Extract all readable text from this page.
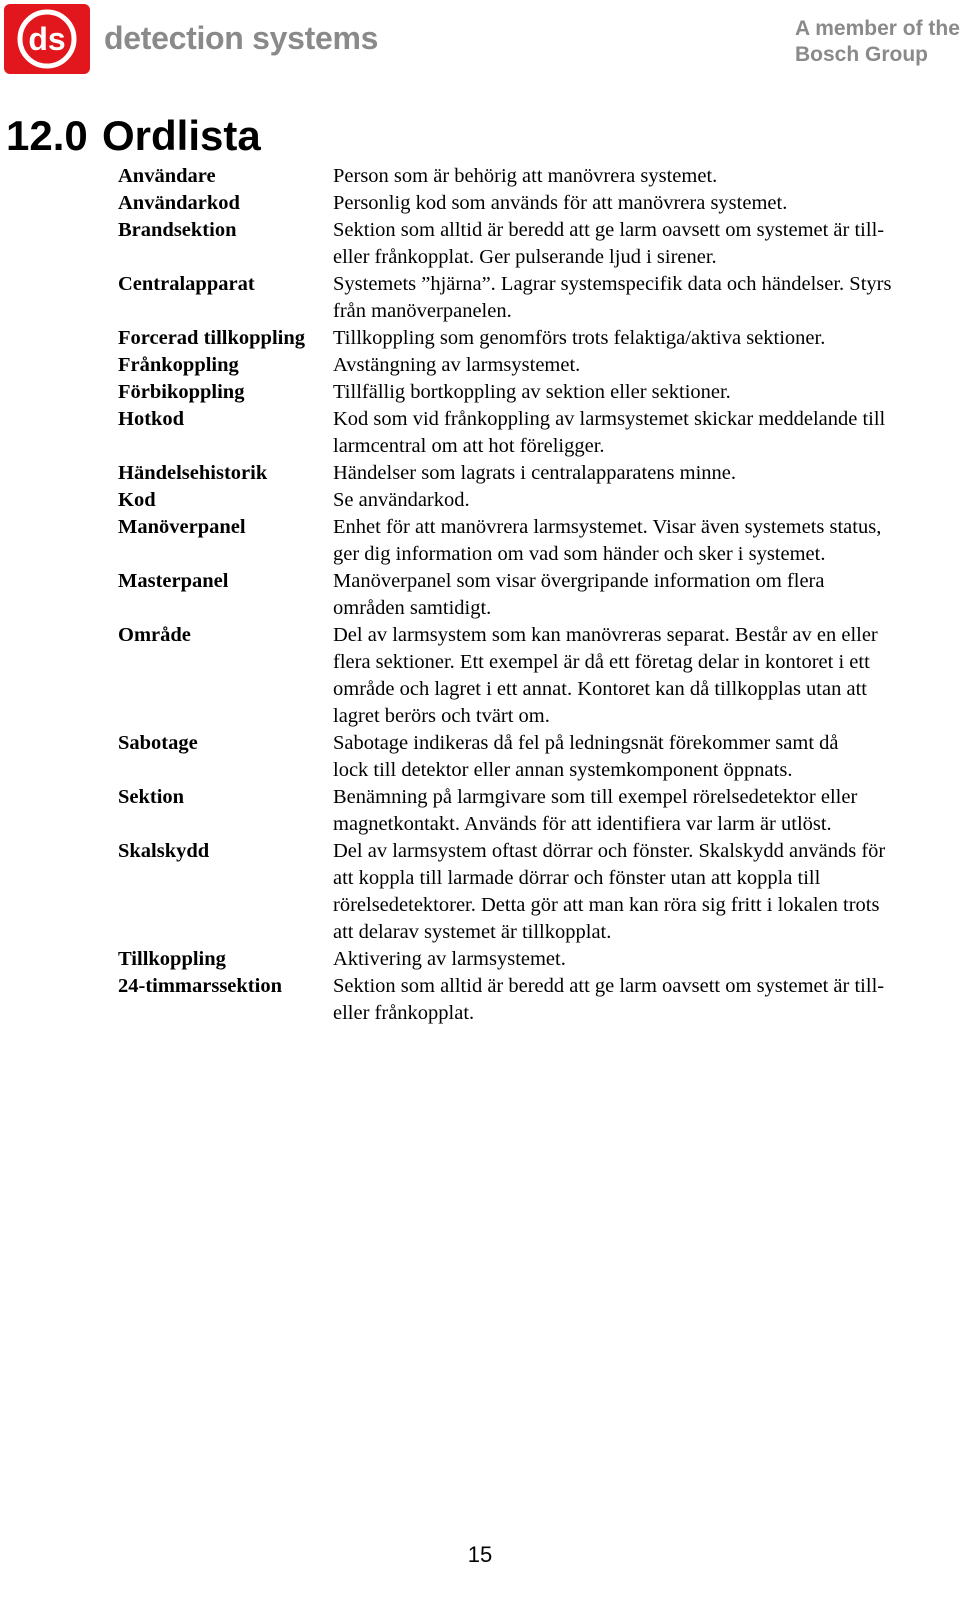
ds detection systems	A member of the
Bosch Group
12.0 Ordlista
Användare	Person som är behörig att manövrera systemet.
Användarkod	Personlig kod som används för att manövrera systemet.
Brandsektion	Sektion som alltid är beredd att ge larm oavsett om systemet är till-
eller frånkopplat. Ger pulserande ljud i sirener.
Centralapparat	Systemets ”hjärna”. Lagrar systemspecifik data och händelser. Styrs
från manöverpanelen.
Forcerad tillkoppling	Tillkoppling som genomförs trots felaktiga/aktiva sektioner.
Frånkoppling	Avstängning av larmsystemet.
Förbikoppling	Tillfällig bortkoppling av sektion eller sektioner.
Hotkod	Kod som vid frånkoppling av larmsystemet skickar meddelande till
larmcentral om att hot föreligger.
Händelsehistorik	Händelser som lagrats i centralapparatens minne.
Kod	Se användarkod.
Manöverpanel	Enhet för att manövrera larmsystemet. Visar även systemets status,
ger dig information om vad som händer och sker i systemet.
Masterpanel	Manöverpanel som visar övergripande information om flera
områden samtidigt.
Område	Del av larmsystem som kan manövreras separat. Består av en eller
flera sektioner. Ett exempel är då ett företag delar in kontoret i ett
område och lagret i ett annat. Kontoret kan då tillkopplas utan att
lagret berörs och tvärt om.
Sabotage	Sabotage indikeras då fel på ledningsnät förekommer samt då
lock till detektor eller annan systemkomponent öppnats.
Sektion	Benämning på larmgivare som till exempel rörelsedetektor eller
magnetkontakt. Används för att identifiera var larm är utlöst.
Skalskydd	Del av larmsystem oftast dörrar och fönster. Skalskydd används för
att koppla till larmade dörrar och fönster utan att koppla till
rörelsedetektorer. Detta gör att man kan röra sig fritt i lokalen trots
att delarav systemet är tillkopplat.
Tillkoppling	Aktivering av larmsystemet.
24-timmarssektion	Sektion som alltid är beredd att ge larm oavsett om systemet är till-
eller frånkopplat.
15
